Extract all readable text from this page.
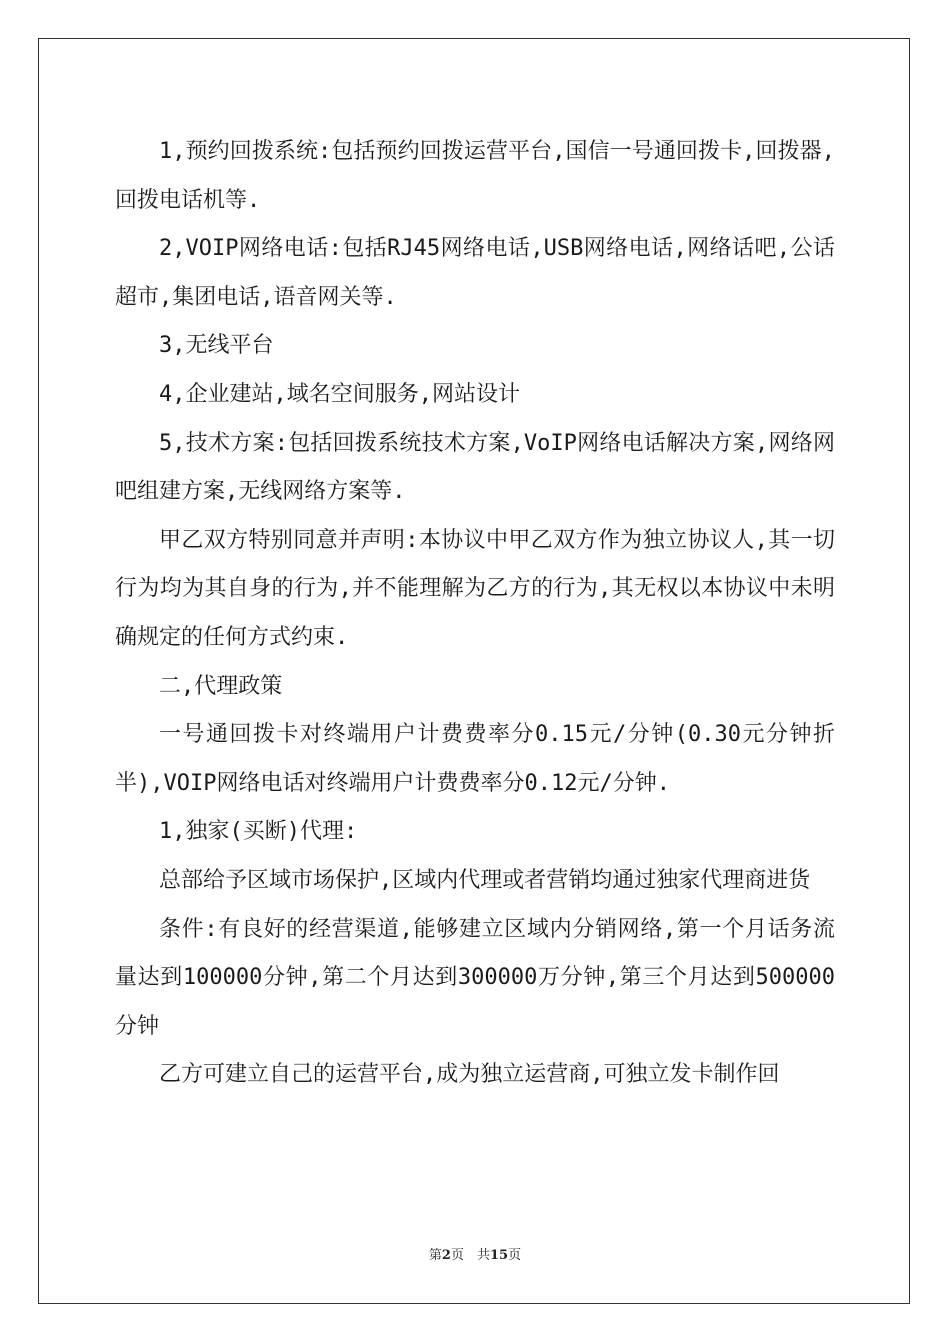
1,预约回拨系统:包括预约回拨运营平台,国信一号通回拨卡,回拨器,回拨电话机等.

2,VOIP网络电话:包括RJ45网络电话,USB网络电话,网络话吧,公话超市,集团电话,语音网关等.

3,无线平台

4,企业建站,域名空间服务,网站设计

5,技术方案:包括回拨系统技术方案,VoIP网络电话解决方案,网络网吧组建方案,无线网络方案等.

甲乙双方特别同意并声明:本协议中甲乙双方作为独立协议人,其一切行为均为其自身的行为,并不能理解为乙方的行为,其无权以本协议中未明确规定的任何方式约束.

二,代理政策

一号通回拨卡对终端用户计费费率分0.15元/分钟(0.30元分钟折半),VOIP网络电话对终端用户计费费率分0.12元/分钟.

1,独家(买断)代理:

总部给予区域市场保护,区域内代理或者营销均通过独家代理商进货

条件:有良好的经营渠道,能够建立区域内分销网络,第一个月话务流量达到100000分钟,第二个月达到300000万分钟,第三个月达到500000分钟

乙方可建立自己的运营平台,成为独立运营商,可独立发卡制作回

第2页　共15页
